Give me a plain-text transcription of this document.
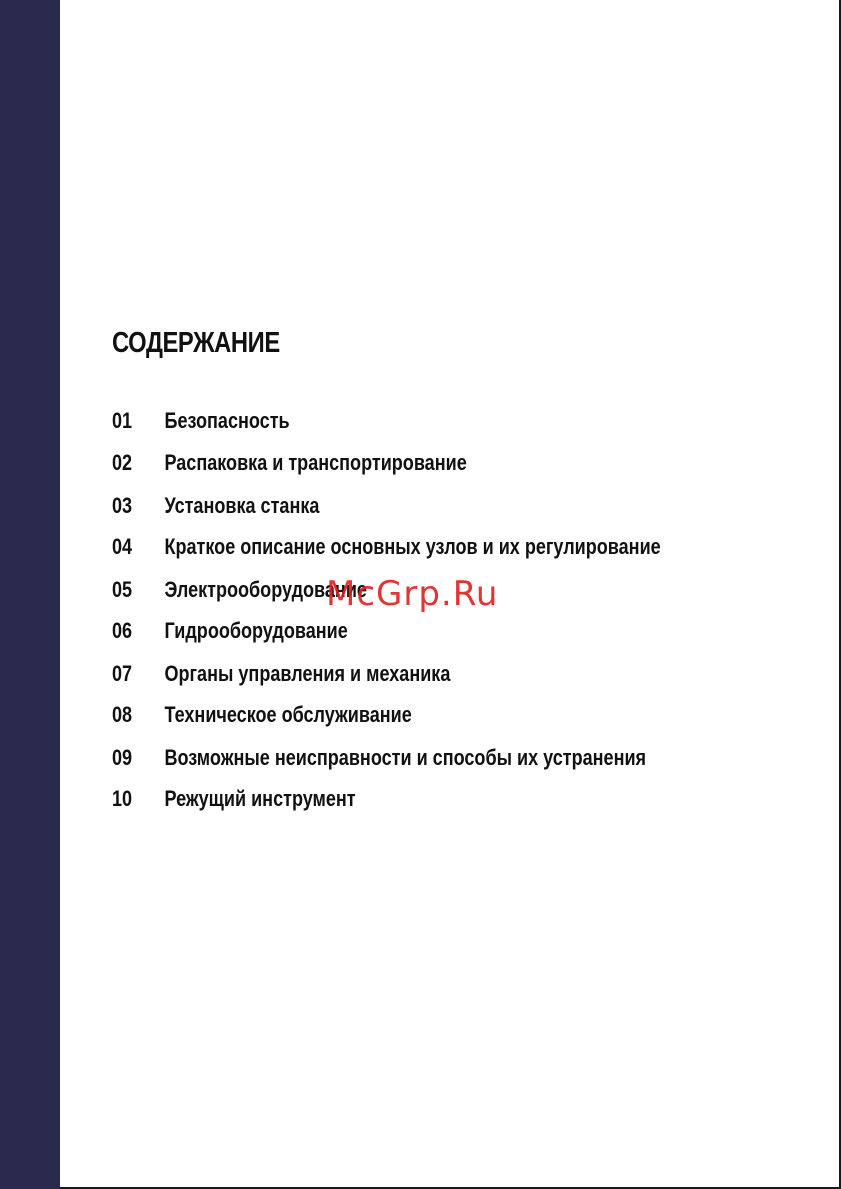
СОДЕРЖАНИЕ
01	Безопасность
02	Распаковка и транспортирование
03	Установка станка
04	Краткое описание основных узлов и их регулирование
05	Электрооборудование
06	Гидрооборудование
07	Органы управления и механика
08	Техническое обслуживание
09	Возможные неисправности и способы их устранения
10	Режущий инструмент
McGrp.Ru
